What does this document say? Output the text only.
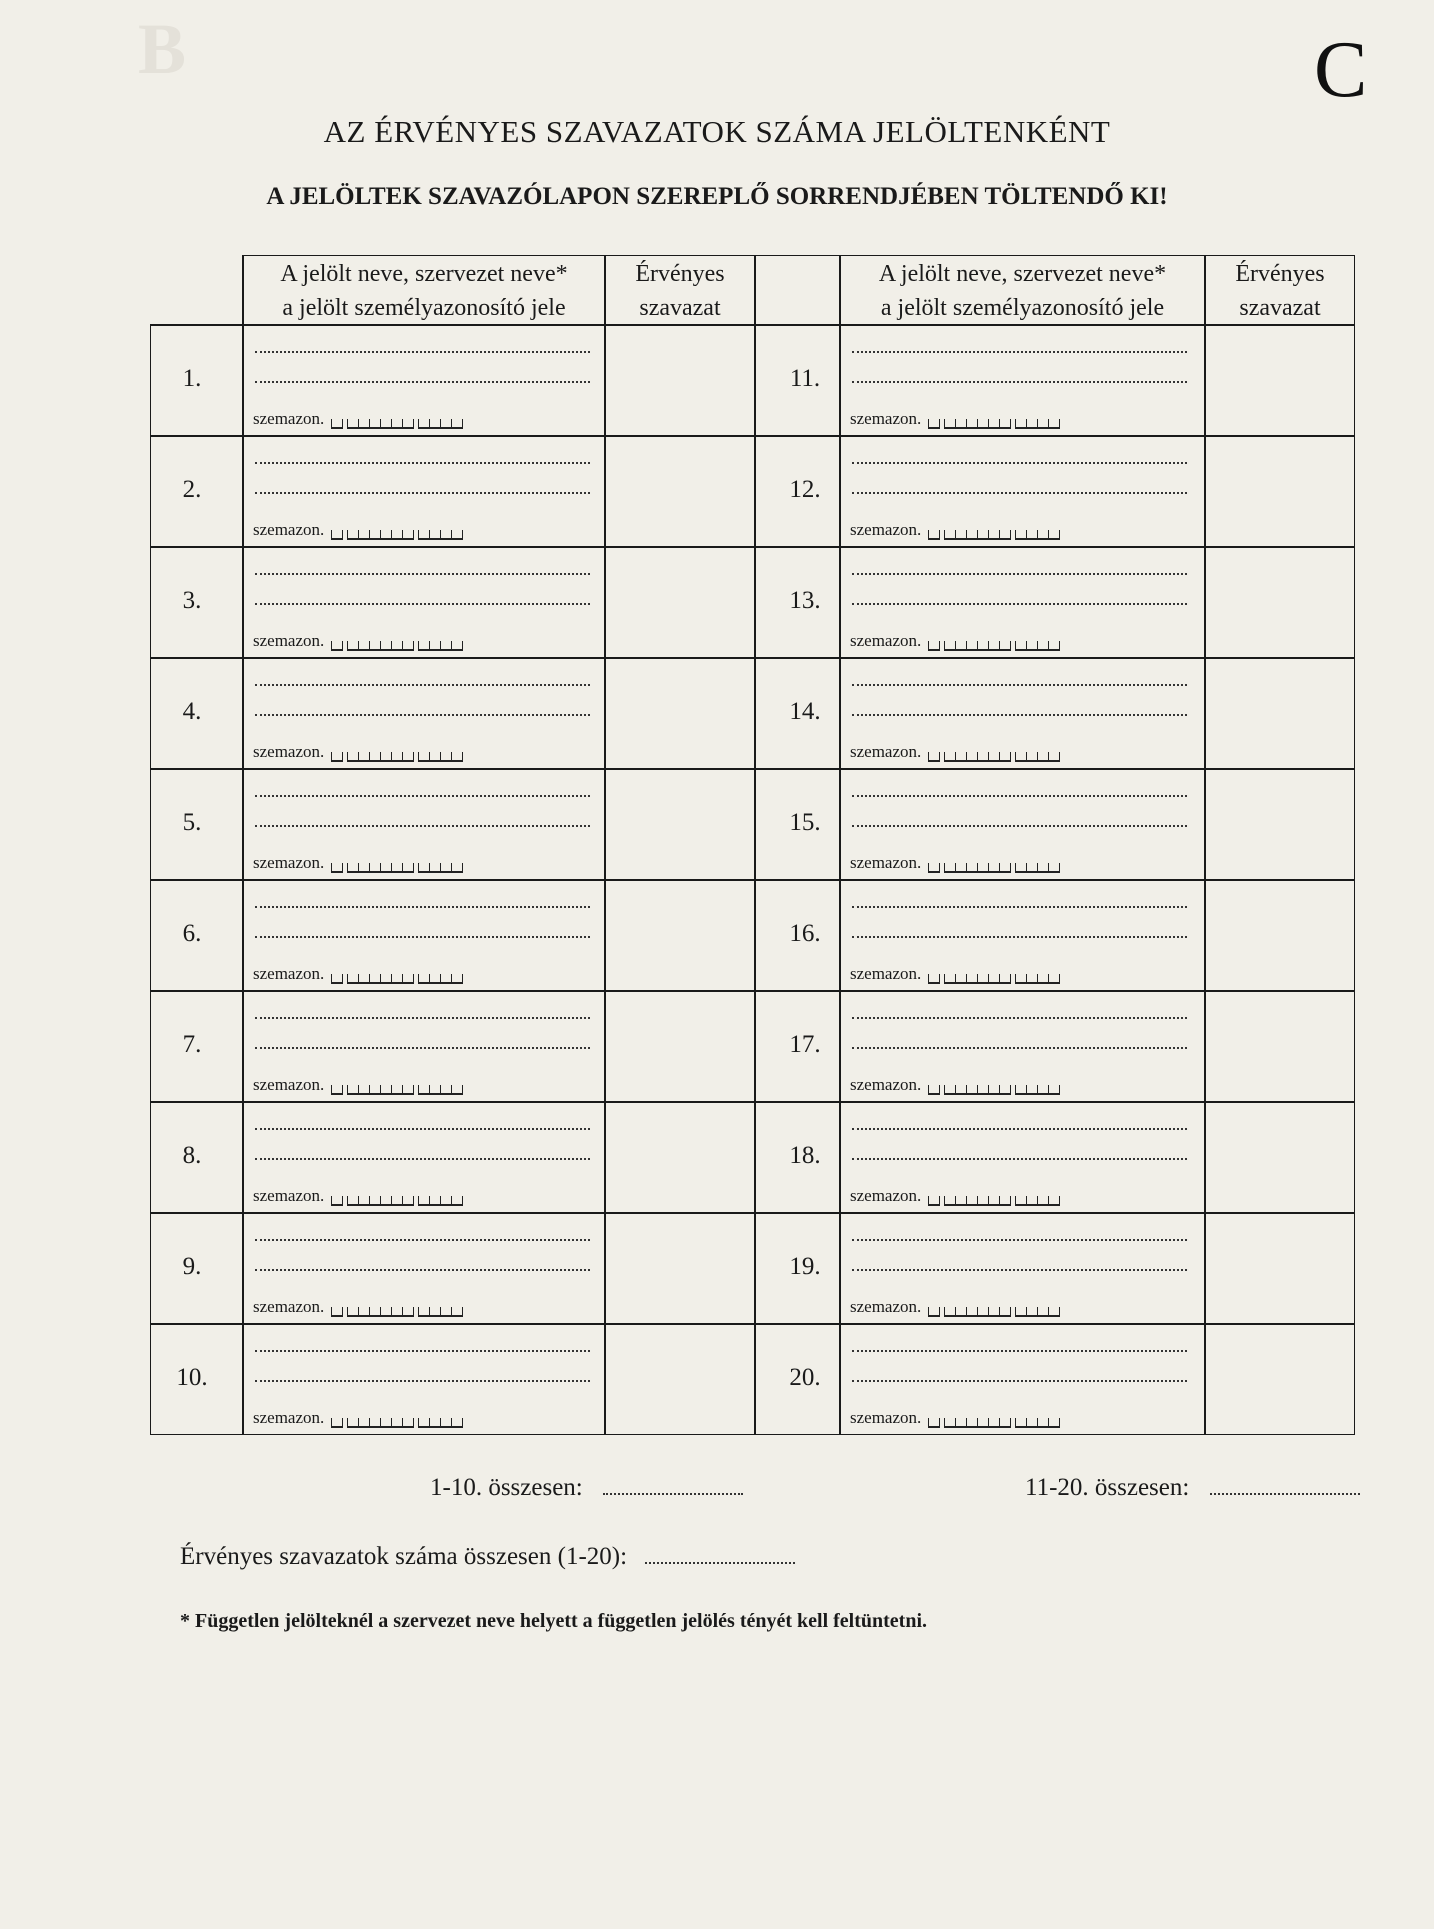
B	C
AZ ÉRVÉNYES SZAVAZATOK SZÁMA JELÖLTENKÉNT
A JELÖLTEK SZAVAZÓLAPON SZEREPLŐ SORRENDJÉBEN TÖLTENDŐ KI!
A jelölt neve, szervezet neve*
a jelölt személyazonosító jele
Érvényes
szavazat
A jelölt neve, szervezet neve*
a jelölt személyazonosító jele
Érvényes
szavazat
1.
szemazon.
2.
szemazon.
3.
szemazon.
4.
szemazon.
5.
szemazon.
6.
szemazon.
7.
szemazon.
8.
szemazon.
9.
szemazon.
10.
szemazon.
11.
szemazon.
12.
szemazon.
13.
szemazon.
14.
szemazon.
15.
szemazon.
16.
szemazon.
17.
szemazon.
18.
szemazon.
19.
szemazon.
20.
szemazon.
1-10. összesen:	11-20. összesen:
Érvényes szavazatok száma összesen (1-20):
* Független jelölteknél a szervezet neve helyett a független jelölés tényét kell feltüntetni.
